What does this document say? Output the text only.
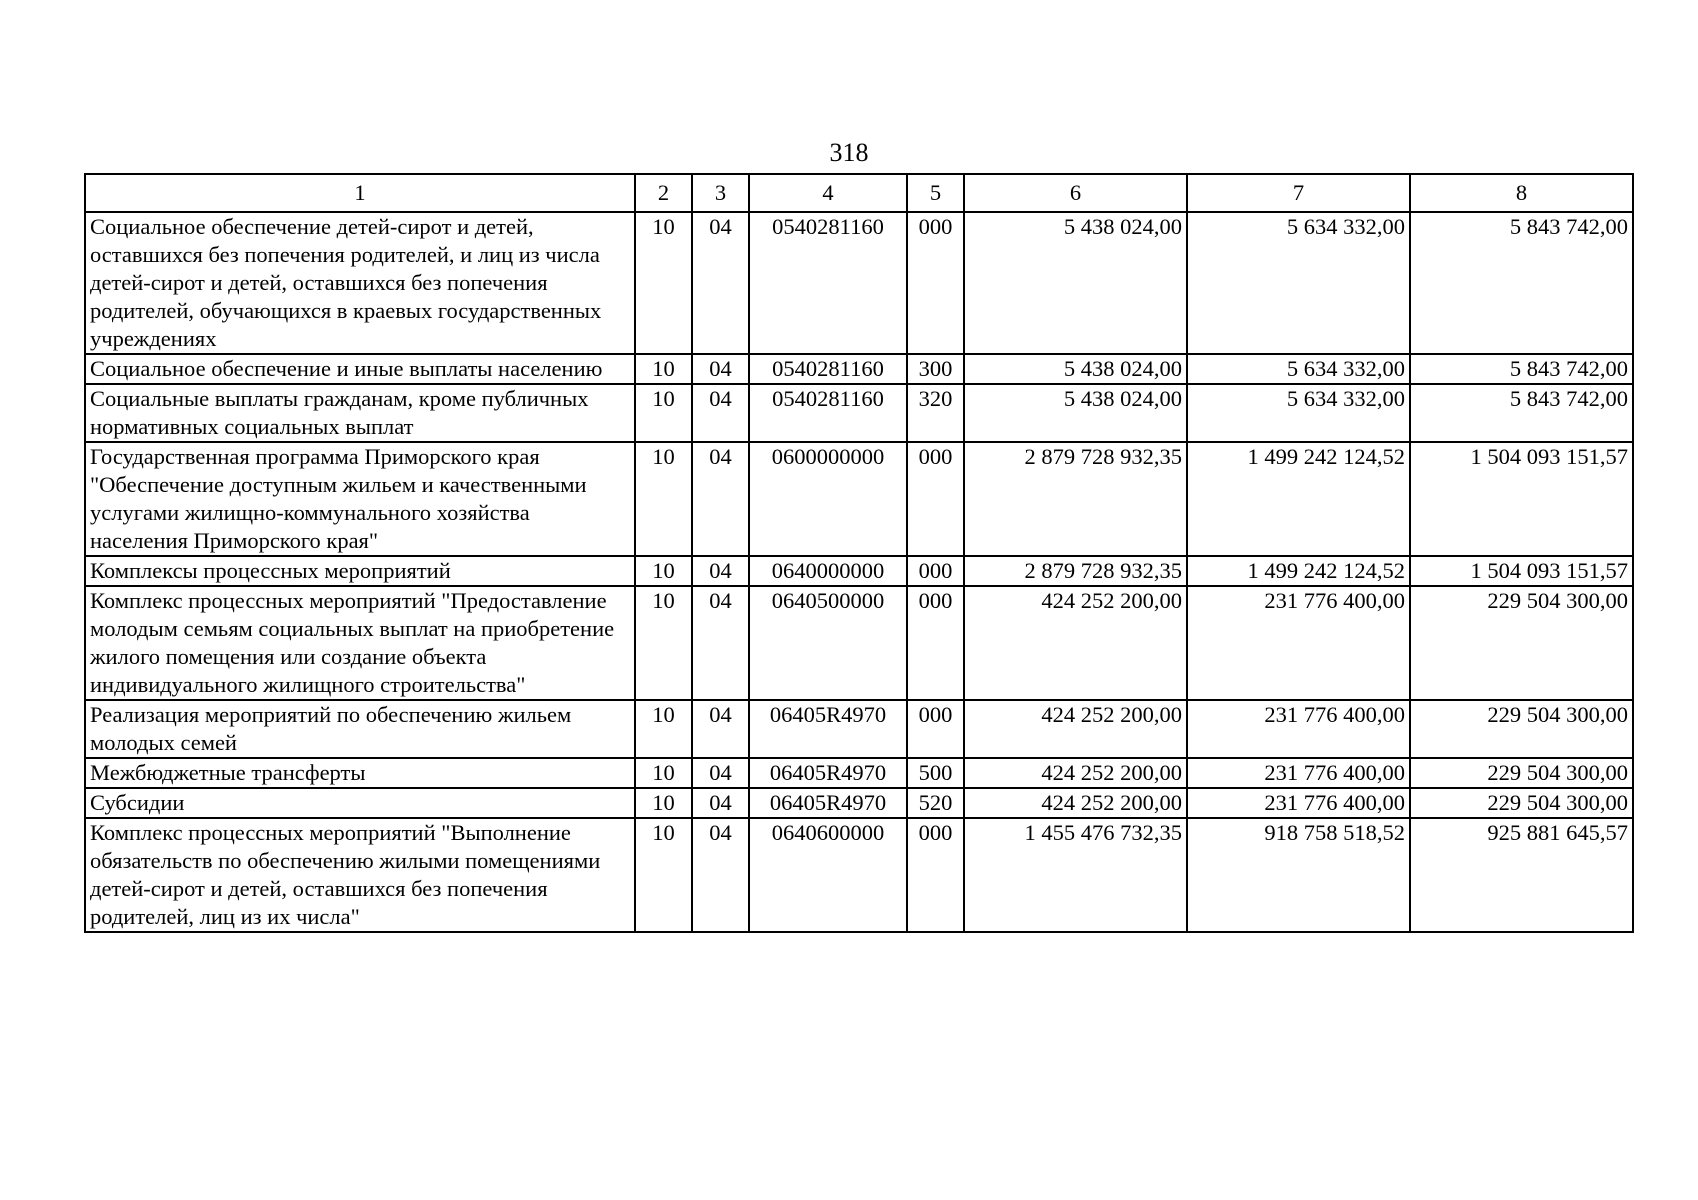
318
1	2	3	4	5	6	7	8
Социальное обеспечение детей-сирот и детей, оставшихся без попечения родителей, и лиц из числа детей-сирот и детей, оставшихся без попечения родителей, обучающихся в краевых государственных учреждениях	10	04	0540281160	000	5 438 024,00	5 634 332,00	5 843 742,00
Социальное обеспечение и иные выплаты населению	10	04	0540281160	300	5 438 024,00	5 634 332,00	5 843 742,00
Социальные выплаты гражданам, кроме публичных нормативных социальных выплат	10	04	0540281160	320	5 438 024,00	5 634 332,00	5 843 742,00
Государственная программа Приморского края "Обеспечение доступным жильем и качественными услугами жилищно-коммунального хозяйства населения Приморского края"	10	04	0600000000	000	2 879 728 932,35	1 499 242 124,52	1 504 093 151,57
Комплексы процессных мероприятий	10	04	0640000000	000	2 879 728 932,35	1 499 242 124,52	1 504 093 151,57
Комплекс процессных мероприятий "Предоставление молодым семьям социальных выплат на приобретение жилого помещения или создание объекта индивидуального жилищного строительства"	10	04	0640500000	000	424 252 200,00	231 776 400,00	229 504 300,00
Реализация мероприятий по обеспечению жильем молодых семей	10	04	06405R4970	000	424 252 200,00	231 776 400,00	229 504 300,00
Межбюджетные трансферты	10	04	06405R4970	500	424 252 200,00	231 776 400,00	229 504 300,00
Субсидии	10	04	06405R4970	520	424 252 200,00	231 776 400,00	229 504 300,00
Комплекс процессных мероприятий "Выполнение обязательств по обеспечению жилыми помещениями детей-сирот и детей, оставшихся без попечения родителей, лиц из их числа"	10	04	0640600000	000	1 455 476 732,35	918 758 518,52	925 881 645,57
